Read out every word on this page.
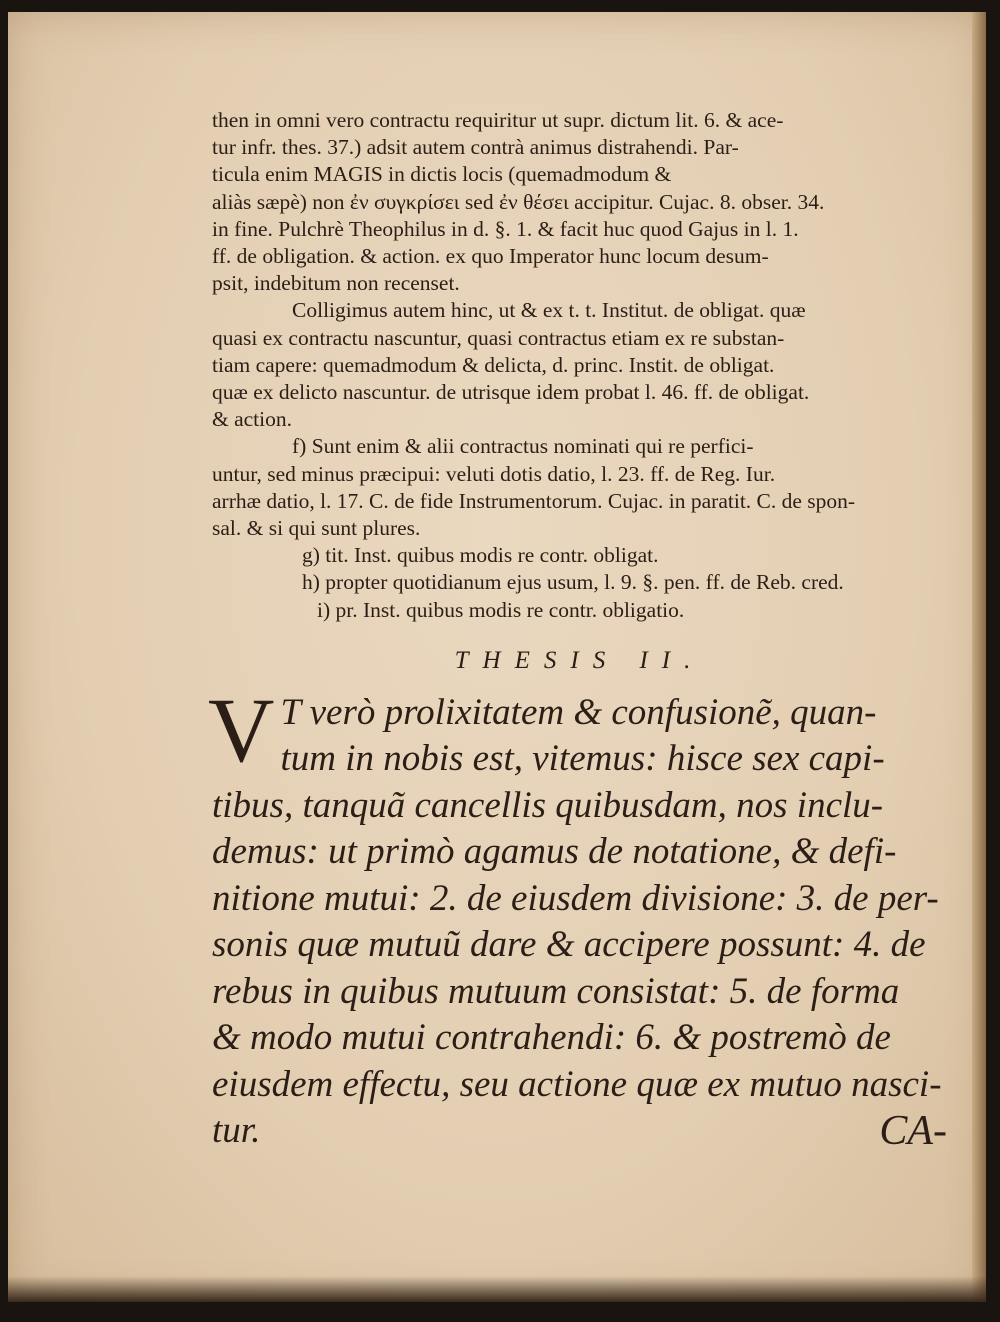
then in omni vero contractu requiritur ut supr. dictum lit. 6. & ace-

tur infr. thes. 37.) adsit autem contrà animus distrahendi. Par-

ticula enim MAGIS in dictis locis (quemadmodum &

aliàs sæpè) non ἐν συγκρίσει sed ἐν θέσει accipitur. Cujac. 8. obser. 34.

in fine. Pulchrè Theophilus in d. §. 1. & facit huc quod Gajus in l. 1.

ff. de obligation. & action. ex quo Imperator hunc locum desum-

psit, indebitum non recenset.

Colligimus autem hinc, ut & ex t. t. Institut. de obligat. quæ

quasi ex contractu nascuntur, quasi contractus etiam ex re substan-

tiam capere: quemadmodum & delicta, d. princ. Instit. de obligat.

quæ ex delicto nascuntur. de utrisque idem probat l. 46. ff. de obligat.

& action.

f) Sunt enim & alii contractus nominati qui re perfici-

untur, sed minus præcipui: veluti dotis datio, l. 23. ff. de Reg. Iur.

arrhæ datio, l. 17. C. de fide Instrumentorum. Cujac. in paratit. C. de spon-

sal. & si qui sunt plures.

g) tit. Inst. quibus modis re contr. obligat.

h) propter quotidianum ejus usum, l. 9. §. pen. ff. de Reb. cred.

i) pr. Inst. quibus modis re contr. obligatio.

THESIS II.
V T verò prolixitatem & confusionẽ, quan-
tum in nobis est, vitemus: hisce sex capi-
tibus, tanquã cancellis quibusdam, nos inclu-
demus: ut primò agamus de notatione, & defi-
nitione mutui: 2. de eiusdem divisione: 3. de per-
sonis quæ mutuũ dare & accipere possunt: 4. de
rebus in quibus mutuum consistat: 5. de forma
& modo mutui contrahendi: 6. & postremò de
eiusdem effectu, seu actione quæ ex mutuo nasci-
tur.	CA-
